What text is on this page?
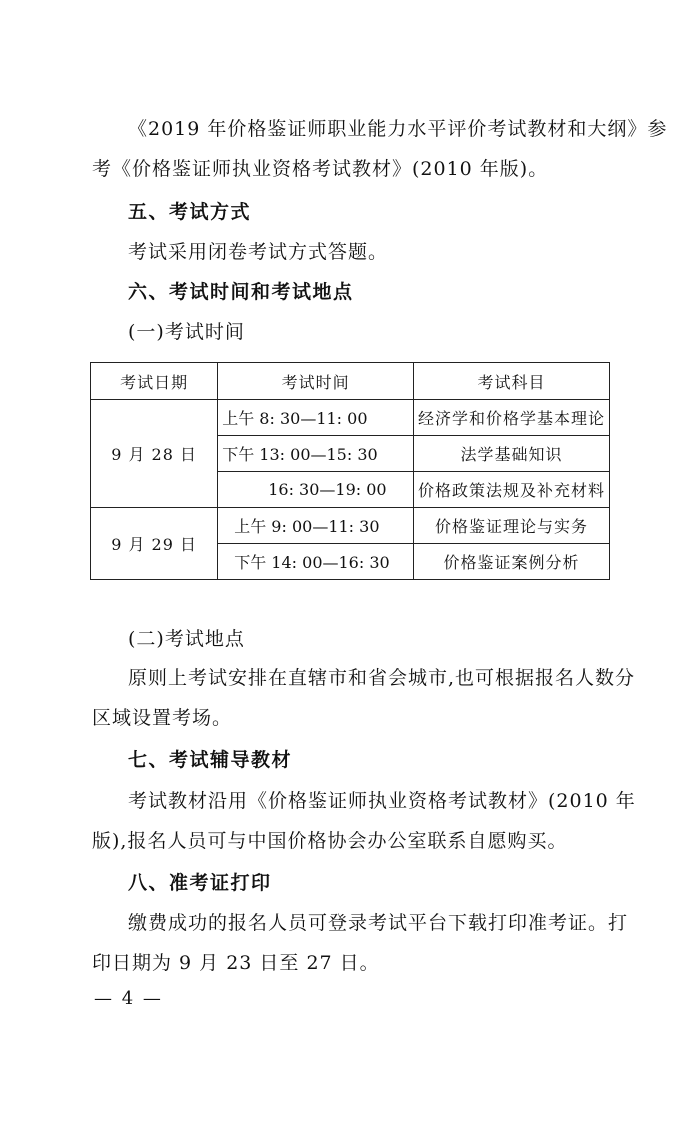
《2019 年价格鉴证师职业能力水平评价考试教材和大纲》参
考《价格鉴证师执业资格考试教材》(2010 年版)。
五、考试方式
考试采用闭卷考试方式答题。
六、考试时间和考试地点
(一)考试时间
考试日期	考试时间	考试科目
9 月 28 日	上午 8: 30—11: 00	经济学和价格学基本理论
	下午 13: 00—15: 30	法学基础知识
	16: 30—19: 00	价格政策法规及补充材料
9 月 29 日	上午 9: 00—11: 30	价格鉴证理论与实务
	下午 14: 00—16: 30	价格鉴证案例分析
(二)考试地点
原则上考试安排在直辖市和省会城市,也可根据报名人数分
区域设置考场。
七、考试辅导教材
考试教材沿用《价格鉴证师执业资格考试教材》(2010 年
版),报名人员可与中国价格协会办公室联系自愿购买。
八、准考证打印
缴费成功的报名人员可登录考试平台下载打印准考证。打
印日期为 9 月 23 日至 27 日。
— 4 —
